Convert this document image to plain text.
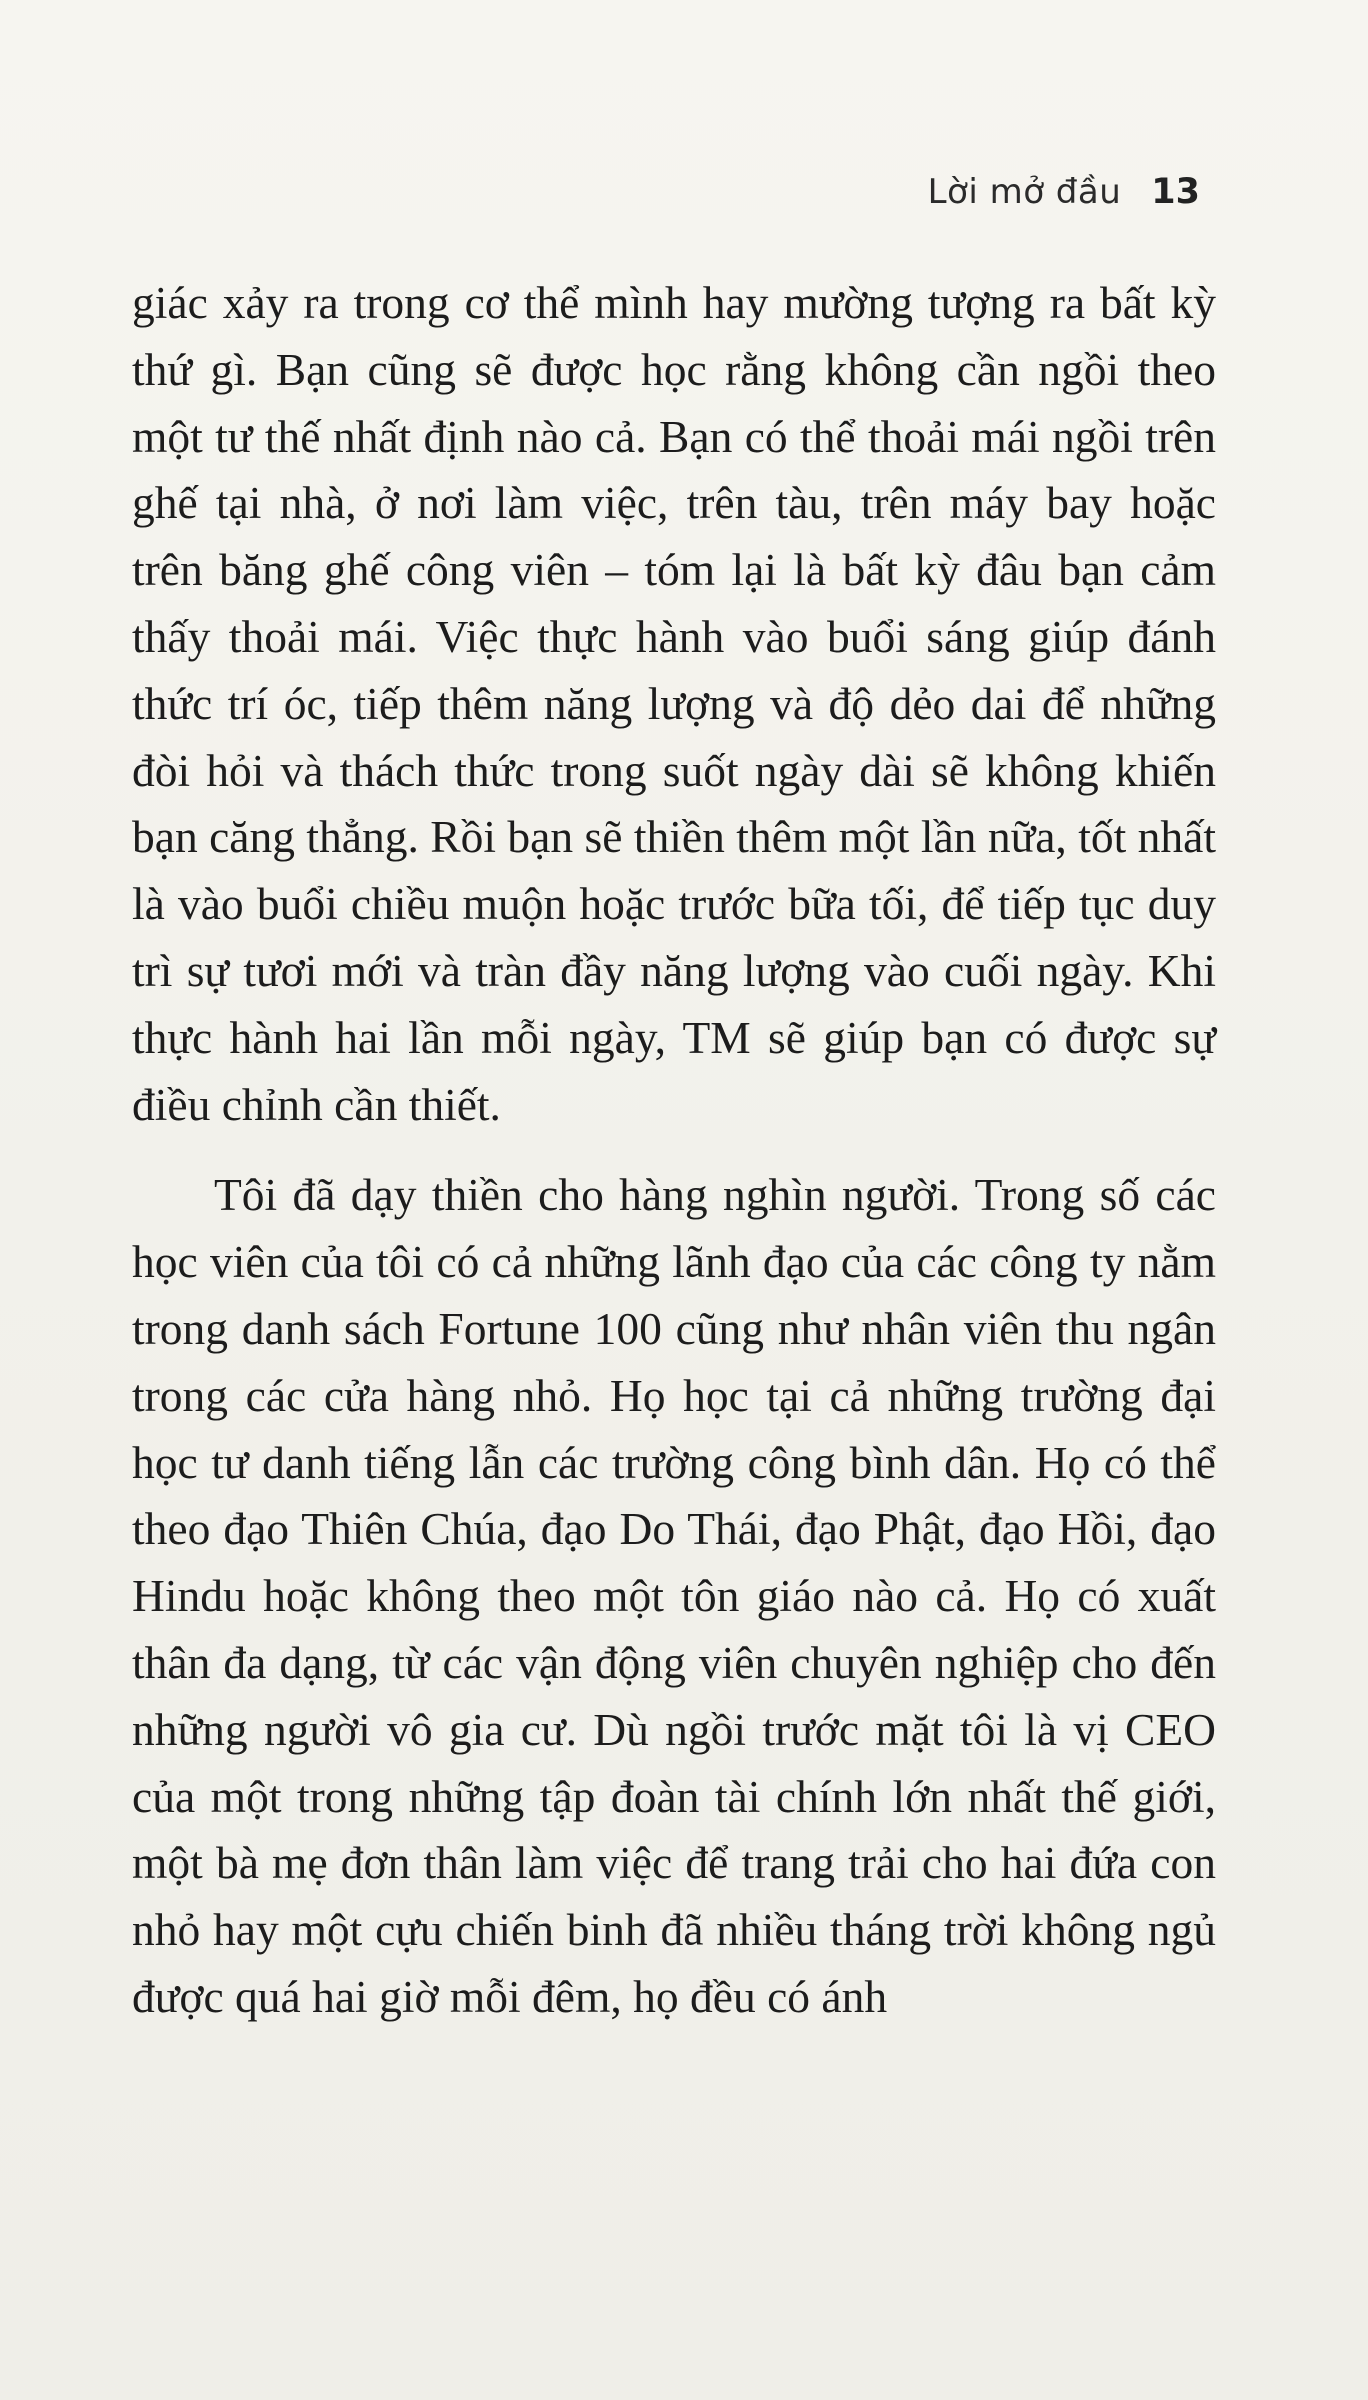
Lời mở đầu 13

giác xảy ra trong cơ thể mình hay mường tượng ra bất kỳ thứ gì. Bạn cũng sẽ được học rằng không cần ngồi theo một tư thế nhất định nào cả. Bạn có thể thoải mái ngồi trên ghế tại nhà, ở nơi làm việc, trên tàu, trên máy bay hoặc trên băng ghế công viên – tóm lại là bất kỳ đâu bạn cảm thấy thoải mái. Việc thực hành vào buổi sáng giúp đánh thức trí óc, tiếp thêm năng lượng và độ dẻo dai để những đòi hỏi và thách thức trong suốt ngày dài sẽ không khiến bạn căng thẳng. Rồi bạn sẽ thiền thêm một lần nữa, tốt nhất là vào buổi chiều muộn hoặc trước bữa tối, để tiếp tục duy trì sự tươi mới và tràn đầy năng lượng vào cuối ngày. Khi thực hành hai lần mỗi ngày, TM sẽ giúp bạn có được sự điều chỉnh cần thiết.

Tôi đã dạy thiền cho hàng nghìn người. Trong số các học viên của tôi có cả những lãnh đạo của các công ty nằm trong danh sách Fortune 100 cũng như nhân viên thu ngân trong các cửa hàng nhỏ. Họ học tại cả những trường đại học tư danh tiếng lẫn các trường công bình dân. Họ có thể theo đạo Thiên Chúa, đạo Do Thái, đạo Phật, đạo Hồi, đạo Hindu hoặc không theo một tôn giáo nào cả. Họ có xuất thân đa dạng, từ các vận động viên chuyên nghiệp cho đến những người vô gia cư. Dù ngồi trước mặt tôi là vị CEO của một trong những tập đoàn tài chính lớn nhất thế giới, một bà mẹ đơn thân làm việc để trang trải cho hai đứa con nhỏ hay một cựu chiến binh đã nhiều tháng trời không ngủ được quá hai giờ mỗi đêm, họ đều có ánh
